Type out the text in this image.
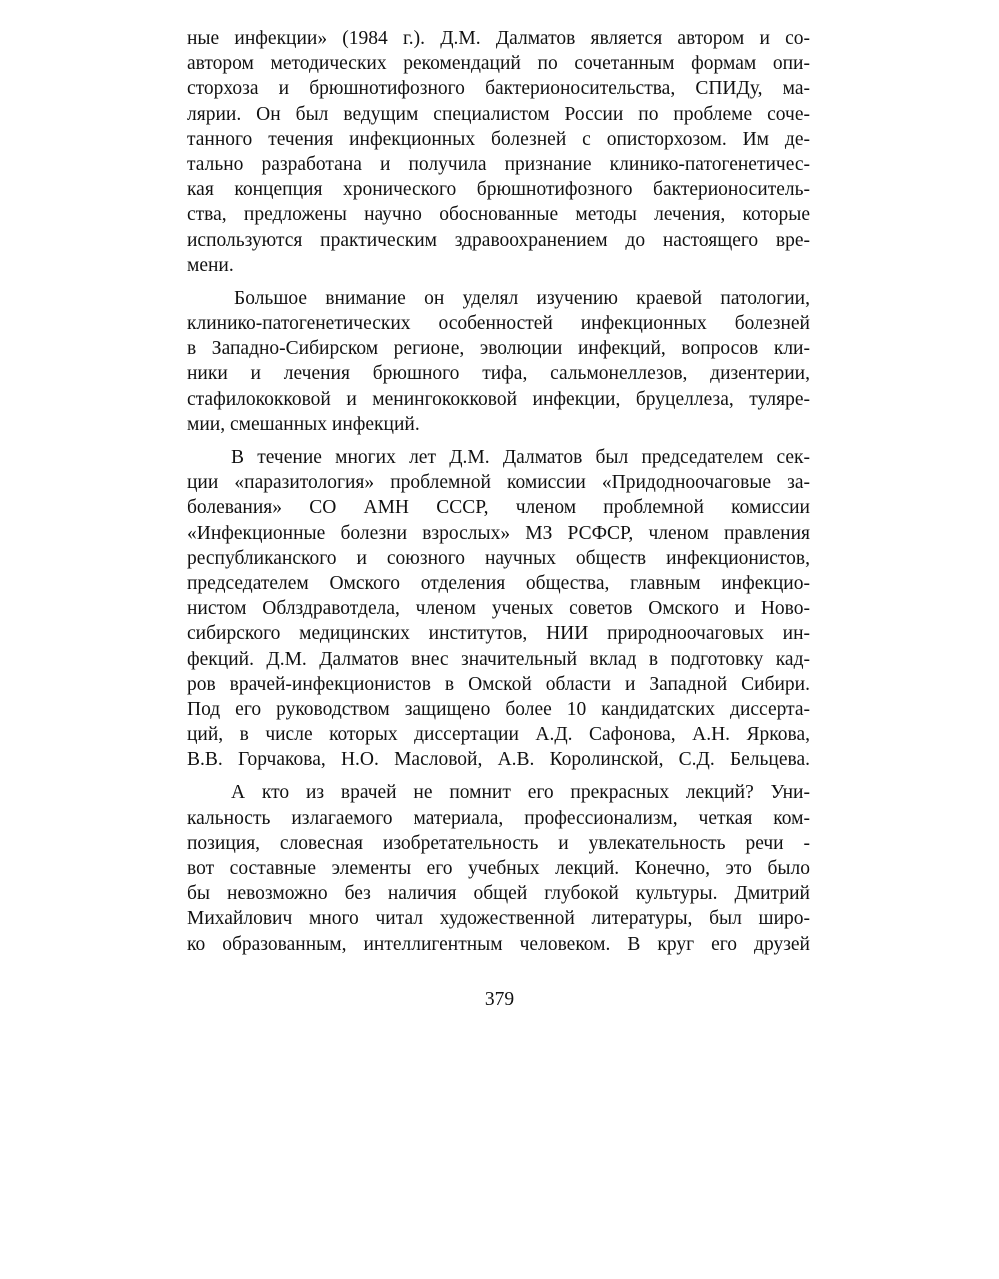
ные инфекции» (1984 г.). Д.М. Далматов является автором и со-
автором методических рекомендаций по сочетанным формам опи-
сторхоза и брюшнотифозного бактерионосительства, СПИДу, ма-
лярии. Он был ведущим специалистом России по проблеме соче-
танного течения инфекционных болезней с описторхозом. Им де-
тально разработана и получила признание клинико-патогенетичес-
кая концепция хронического брюшнотифозного бактерионоситель-
ства, предложены научно обоснованные методы лечения, которые
используются практическим здравоохранением до настоящего вре-
мени.
Большое внимание он уделял изучению краевой патологии,
клинико-патогенетических особенностей инфекционных болезней
в Западно-Сибирском регионе, эволюции инфекций, вопросов кли-
ники и лечения брюшного тифа, сальмонеллезов, дизентерии,
стафилококковой и менингококковой инфекции, бруцеллеза, туляре-
мии, смешанных инфекций.
В течение многих лет Д.М. Далматов был председателем сек-
ции «паразитология» проблемной комиссии «Придодноочаговые за-
болевания» СО АМН СССР, членом проблемной комиссии
«Инфекционные болезни взрослых» МЗ РСФСР, членом правления
республиканского и союзного научных обществ инфекционистов,
председателем Омского отделения общества, главным инфекцио-
нистом Облздравотдела, членом ученых советов Омского и Ново-
сибирского медицинских институтов, НИИ природноочаговых ин-
фекций. Д.М. Далматов внес значительный вклад в подготовку кад-
ров врачей-инфекционистов в Омской области и Западной Сибири.
Под его руководством защищено более 10 кандидатских диссерта-
ций, в числе которых диссертации А.Д. Сафонова, А.Н. Яркова,
В.В. Горчакова, Н.О. Масловой, А.В. Королинской, С.Д. Бельцева.
А кто из врачей не помнит его прекрасных лекций? Уни-
кальность излагаемого материала, профессионализм, четкая ком-
позиция, словесная изобретательность и увлекательность речи -
вот составные элементы его учебных лекций. Конечно, это было
бы невозможно без наличия общей глубокой культуры. Дмитрий
Михайлович много читал художественной литературы, был широ-
ко образованным, интеллигентным человеком. В круг его друзей
379
